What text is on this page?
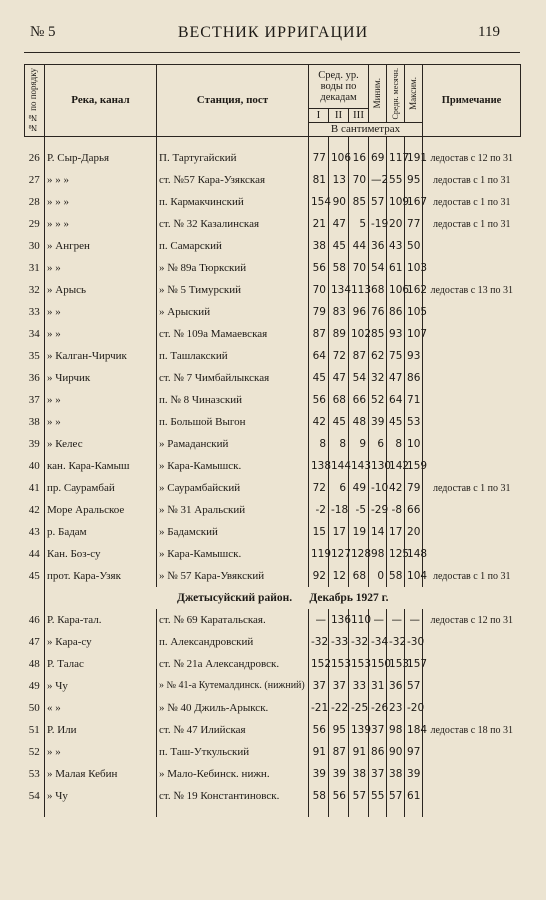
№ 5	ВЕСТНИК ИРРИГАЦИИ	119
№№ по порядку	Река, канал	Станция, пост	Сред. ур. воды по декадам			Миним.	Средн. месячн.	Максим.	Примечание
			I	II	III				
			В сантиметрах						

26	Р. Сыр-Дарья	П. Тартугайский	77	106	16	69	117	191	ледостав с 12 по 31
27	» » »	ст. №57 Кара-Узякская	81	13	70	—2	55	95	ледостав с 1 по 31
28	» » »	п. Кармакчинский	154	90	85	57	109	167	ледостав с 1 по 31
29	» » »	ст. № 32 Казалинская	21	47	5	-19	20	77	ледостав с 1 по 31
30	» Ангрен	п. Самарский	38	45	44	36	43	50	
31	» »	» № 89а Тюркский	56	58	70	54	61	103	
32	» Арысь	» № 5 Тимурский	70	134	113	68	106	162	ледостав с 13 по 31
33	» »	» Арыский	79	83	96	76	86	105	
34	» »	ст. № 109а Мамаевская	87	89	102	85	93	107	
35	» Калган-Чирчик	п. Ташлакский	64	72	87	62	75	93	
36	» Чирчик	ст. № 7 Чимбайлыкская	45	47	54	32	47	86	
37	» »	п. № 8 Чиназский	56	68	66	52	64	71	
38	» »	п. Большой Выгон	42	45	48	39	45	53	
39	» Келес	» Рамаданский	8	8	9	6	8	10	
40	кан. Кара-Камыш	» Кара-Камышск.	138	144	143	130	142	159	
41	пр. Саурамбай	» Саурамбайский	72	6	49	-10	42	79	ледостав с 1 по 31
42	Море Аральское	» № 31 Аральский	-2	-18	-5	-29	-8	66	
43	р. Бадам	» Бадамский	15	17	19	14	17	20	
44	Кан. Боз-су	» Кара-Камышск.	119	127	128	98	125	148	
45	прот. Кара-Узяк	» № 57 Кара-Увякский	92	12	68	0	58	104	ледостав с 1 по 31
	Джетысуйский район. Декабрь 1927 г.								
46	Р. Кара-тал.	ст. № 69 Каратальская.	—	136	110	—	—	—	ледостав с 12 по 31
47	» Кара-су	п. Александровский	-32	-33	-32	-34	-32	-30	
48	Р. Талас	ст. № 21а Александровск.	152	153	153	150	153	157	
49	» Чу	» № 41-а Кутемалдинск. (нижний)	37	37	33	31	36	57	
50	« »	» № 40 Джиль-Арыкск.	-21	-22	-25	-26	23	-20	
51	Р. Или	ст. № 47 Илийская	56	95	139	37	98	184	ледостав с 18 по 31
52	» »	п. Таш-Уткульский	91	87	91	86	90	97	
53	» Малая Кебин	» Мало-Кебинск. нижн.	39	39	38	37	38	39	
54	» Чу	ст. № 19 Константиновск.	58	56	57	55	57	61	
